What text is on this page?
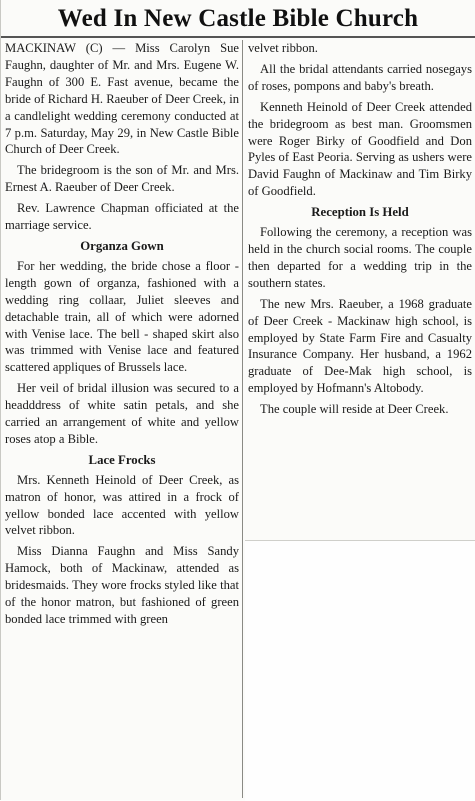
Wed In New Castle Bible Church

MACKINAW (C) — Miss Carolyn Sue Faughn, daughter of Mr. and Mrs. Eugene W. Faughn of 300 E. Fast avenue, became the bride of Richard H. Raeuber of Deer Creek, in a candlelight wedding ceremony conducted at 7 p.m. Saturday, May 29, in New Castle Bible Church of Deer Creek.

The bridegroom is the son of Mr. and Mrs. Ernest A. Raeuber of Deer Creek.

Rev. Lawrence Chapman officiated at the marriage service.

Organza Gown

For her wedding, the bride chose a floor - length gown of organza, fashioned with a wedding ring collaar, Juliet sleeves and detachable train, all of which were adorned with Venise lace. The bell - shaped skirt also was trimmed with Venise lace and featured scattered appliques of Brussels lace.

Her veil of bridal illusion was secured to a headddress of white satin petals, and she carried an arrangement of white and yellow roses atop a Bible.

Lace Frocks

Mrs. Kenneth Heinold of Deer Creek, as matron of honor, was attired in a frock of yellow bonded lace accented with yellow velvet ribbon.

Miss Dianna Faughn and Miss Sandy Hamock, both of Mackinaw, attended as bridesmaids. They wore frocks styled like that of the honor matron, but fashioned of green bonded lace trimmed with green

velvet ribbon.

All the bridal attendants carried nosegays of roses, pompons and baby's breath.

Kenneth Heinold of Deer Creek attended the bridegroom as best man. Groomsmen were Roger Birky of Goodfield and Don Pyles of East Peoria. Serving as ushers were David Faughn of Mackinaw and Tim Birky of Goodfield.

Reception Is Held

Following the ceremony, a reception was held in the church social rooms. The couple then departed for a wedding trip in the southern states.

The new Mrs. Raeuber, a 1968 graduate of Deer Creek - Mackinaw high school, is employed by State Farm Fire and Casualty Insurance Company. Her husband, a 1962 graduate of Dee-Mak high school, is employed by Hofmann's Altobody.

The couple will reside at Deer Creek.
